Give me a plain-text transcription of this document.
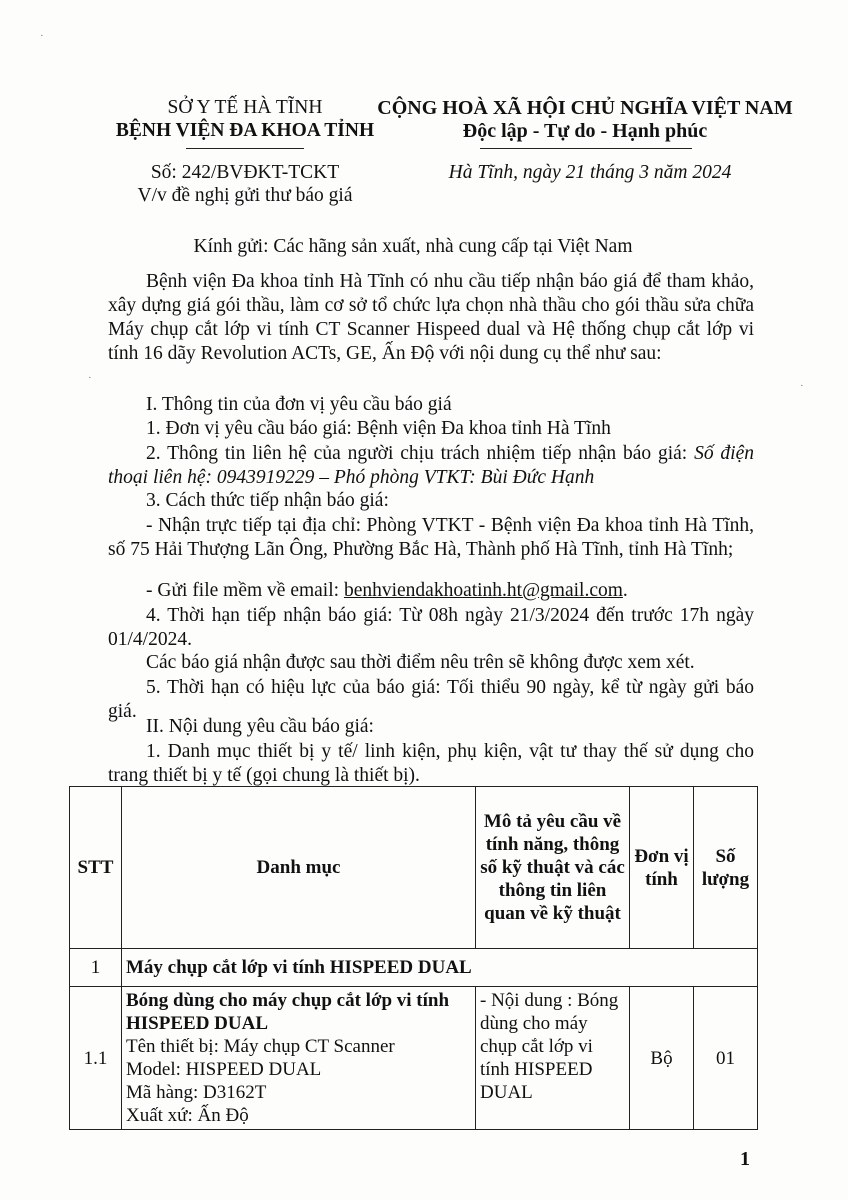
SỞ Y TẾ HÀ TĨNH
BỆNH VIỆN ĐA KHOA TỈNH
CỘNG HOÀ XÃ HỘI CHỦ NGHĨA VIỆT NAM
Độc lập - Tự do - Hạnh phúc
Số: 242/BVĐKT-TCKT
V/v đề nghị gửi thư báo giá
Hà Tĩnh, ngày 21 tháng 3 năm 2024
Kính gửi: Các hãng sản xuất, nhà cung cấp tại Việt Nam
Bệnh viện Đa khoa tỉnh Hà Tĩnh có nhu cầu tiếp nhận báo giá để tham khảo, xây dựng giá gói thầu, làm cơ sở tổ chức lựa chọn nhà thầu cho gói thầu sửa chữa Máy chụp cắt lớp vi tính CT Scanner Hispeed dual và Hệ thống chụp cắt lớp vi tính 16 dãy Revolution ACTs, GE, Ấn Độ với nội dung cụ thể như sau:
I. Thông tin của đơn vị yêu cầu báo giá
1. Đơn vị yêu cầu báo giá: Bệnh viện Đa khoa tỉnh Hà Tĩnh
2. Thông tin liên hệ của người chịu trách nhiệm tiếp nhận báo giá: Số điện thoại liên hệ: 0943919229 – Phó phòng VTKT: Bùi Đức Hạnh
3. Cách thức tiếp nhận báo giá:
- Nhận trực tiếp tại địa chỉ: Phòng VTKT - Bệnh viện Đa khoa tỉnh Hà Tĩnh, số 75 Hải Thượng Lãn Ông, Phường Bắc Hà, Thành phố Hà Tĩnh, tỉnh Hà Tĩnh;
- Gửi file mềm về email: benhviendakhoatinh.ht@gmail.com.
4. Thời hạn tiếp nhận báo giá: Từ 08h ngày 21/3/2024 đến trước 17h ngày 01/4/2024.
Các báo giá nhận được sau thời điểm nêu trên sẽ không được xem xét.
5. Thời hạn có hiệu lực của báo giá: Tối thiểu 90 ngày, kể từ ngày gửi báo giá.
II. Nội dung yêu cầu báo giá:
1. Danh mục thiết bị y tế/ linh kiện, phụ kiện, vật tư thay thế sử dụng cho trang thiết bị y tế (gọi chung là thiết bị).
STT	Danh mục	Mô tả yêu cầu về tính năng, thông số kỹ thuật và các thông tin liên quan về kỹ thuật	Đơn vị tính	Số lượng
1	Máy chụp cắt lớp vi tính HISPEED DUAL			
1.1	Bóng dùng cho máy chụp cắt lớp vi tính HISPEED DUAL
Tên thiết bị: Máy chụp CT Scanner
Model: HISPEED DUAL
Mã hàng: D3162T
Xuất xứ: Ấn Độ	- Nội dung : Bóng dùng cho máy chụp cắt lớp vi tính HISPEED DUAL	Bộ	01
1
·
·
·
